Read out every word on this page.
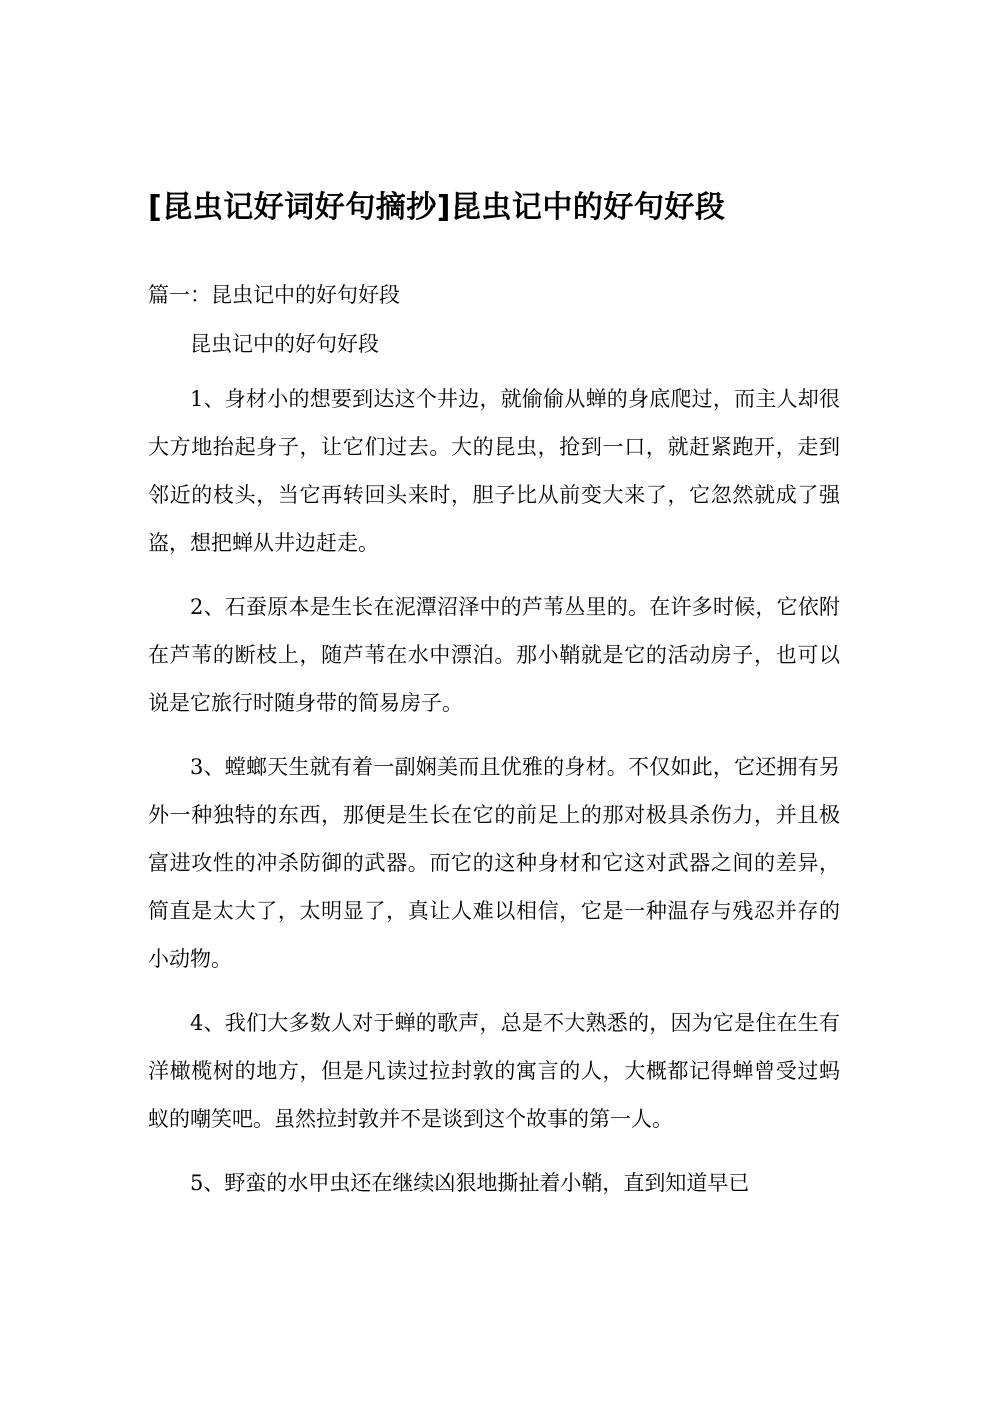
[昆虫记好词好句摘抄]昆虫记中的好句好段

篇一：昆虫记中的好句好段

昆虫记中的好句好段

1、身材小的想要到达这个井边，就偷偷从蝉的身底爬过，而主人却很大方地抬起身子，让它们过去。大的昆虫，抢到一口，就赶紧跑开，走到邻近的枝头，当它再转回头来时，胆子比从前变大来了，它忽然就成了强盗，想把蝉从井边赶走。

2、石蚕原本是生长在泥潭沼泽中的芦苇丛里的。在许多时候，它依附在芦苇的断枝上，随芦苇在水中漂泊。那小鞘就是它的活动房子，也可以说是它旅行时随身带的简易房子。

3、螳螂天生就有着一副娴美而且优雅的身材。不仅如此，它还拥有另外一种独特的东西，那便是生长在它的前足上的那对极具杀伤力，并且极富进攻性的冲杀防御的武器。而它的这种身材和它这对武器之间的差异，简直是太大了，太明显了，真让人难以相信，它是一种温存与残忍并存的小动物。

4、我们大多数人对于蝉的歌声，总是不大熟悉的，因为它是住在生有洋橄榄树的地方，但是凡读过拉封敦的寓言的人，大概都记得蝉曾受过蚂蚁的嘲笑吧。虽然拉封敦并不是谈到这个故事的第一人。

5、野蛮的水甲虫还在继续凶狠地撕扯着小鞘，直到知道早已
